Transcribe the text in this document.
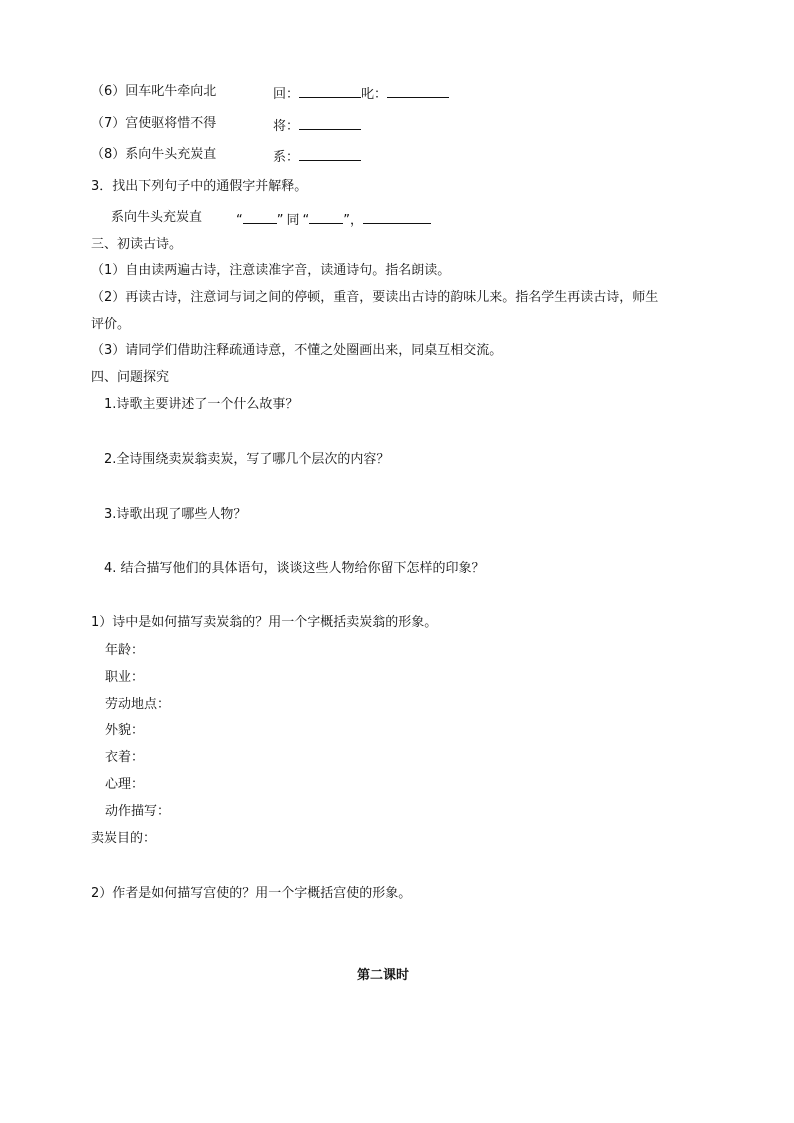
（6）回车叱牛牵向北	回：	叱：
（7）宫使驱将惜不得	将：
（8）系向牛头充炭直	系：
3．找出下列句子中的通假字并解释。
系向牛头充炭直	“	” 同 “	”，
三、初读古诗。
（1）自由读两遍古诗，注意读准字音，读通诗句。指名朗读。
（2）再读古诗，注意词与词之间的停顿，重音，要读出古诗的韵味儿来。指名学生再读古诗，师生
评价。
（3）请同学们借助注释疏通诗意，不懂之处圈画出来，同桌互相交流。
四、问题探究
1.诗歌主要讲述了一个什么故事？
2.全诗围绕卖炭翁卖炭，写了哪几个层次的内容？
3.诗歌出现了哪些人物？
4. 结合描写他们的具体语句，谈谈这些人物给你留下怎样的印象？
1）诗中是如何描写卖炭翁的？用一个字概括卖炭翁的形象。
年龄：
职业：
劳动地点：
外貌：
衣着：
心理：
动作描写：
卖炭目的：
2）作者是如何描写宫使的？用一个字概括宫使的形象。
第二课时
